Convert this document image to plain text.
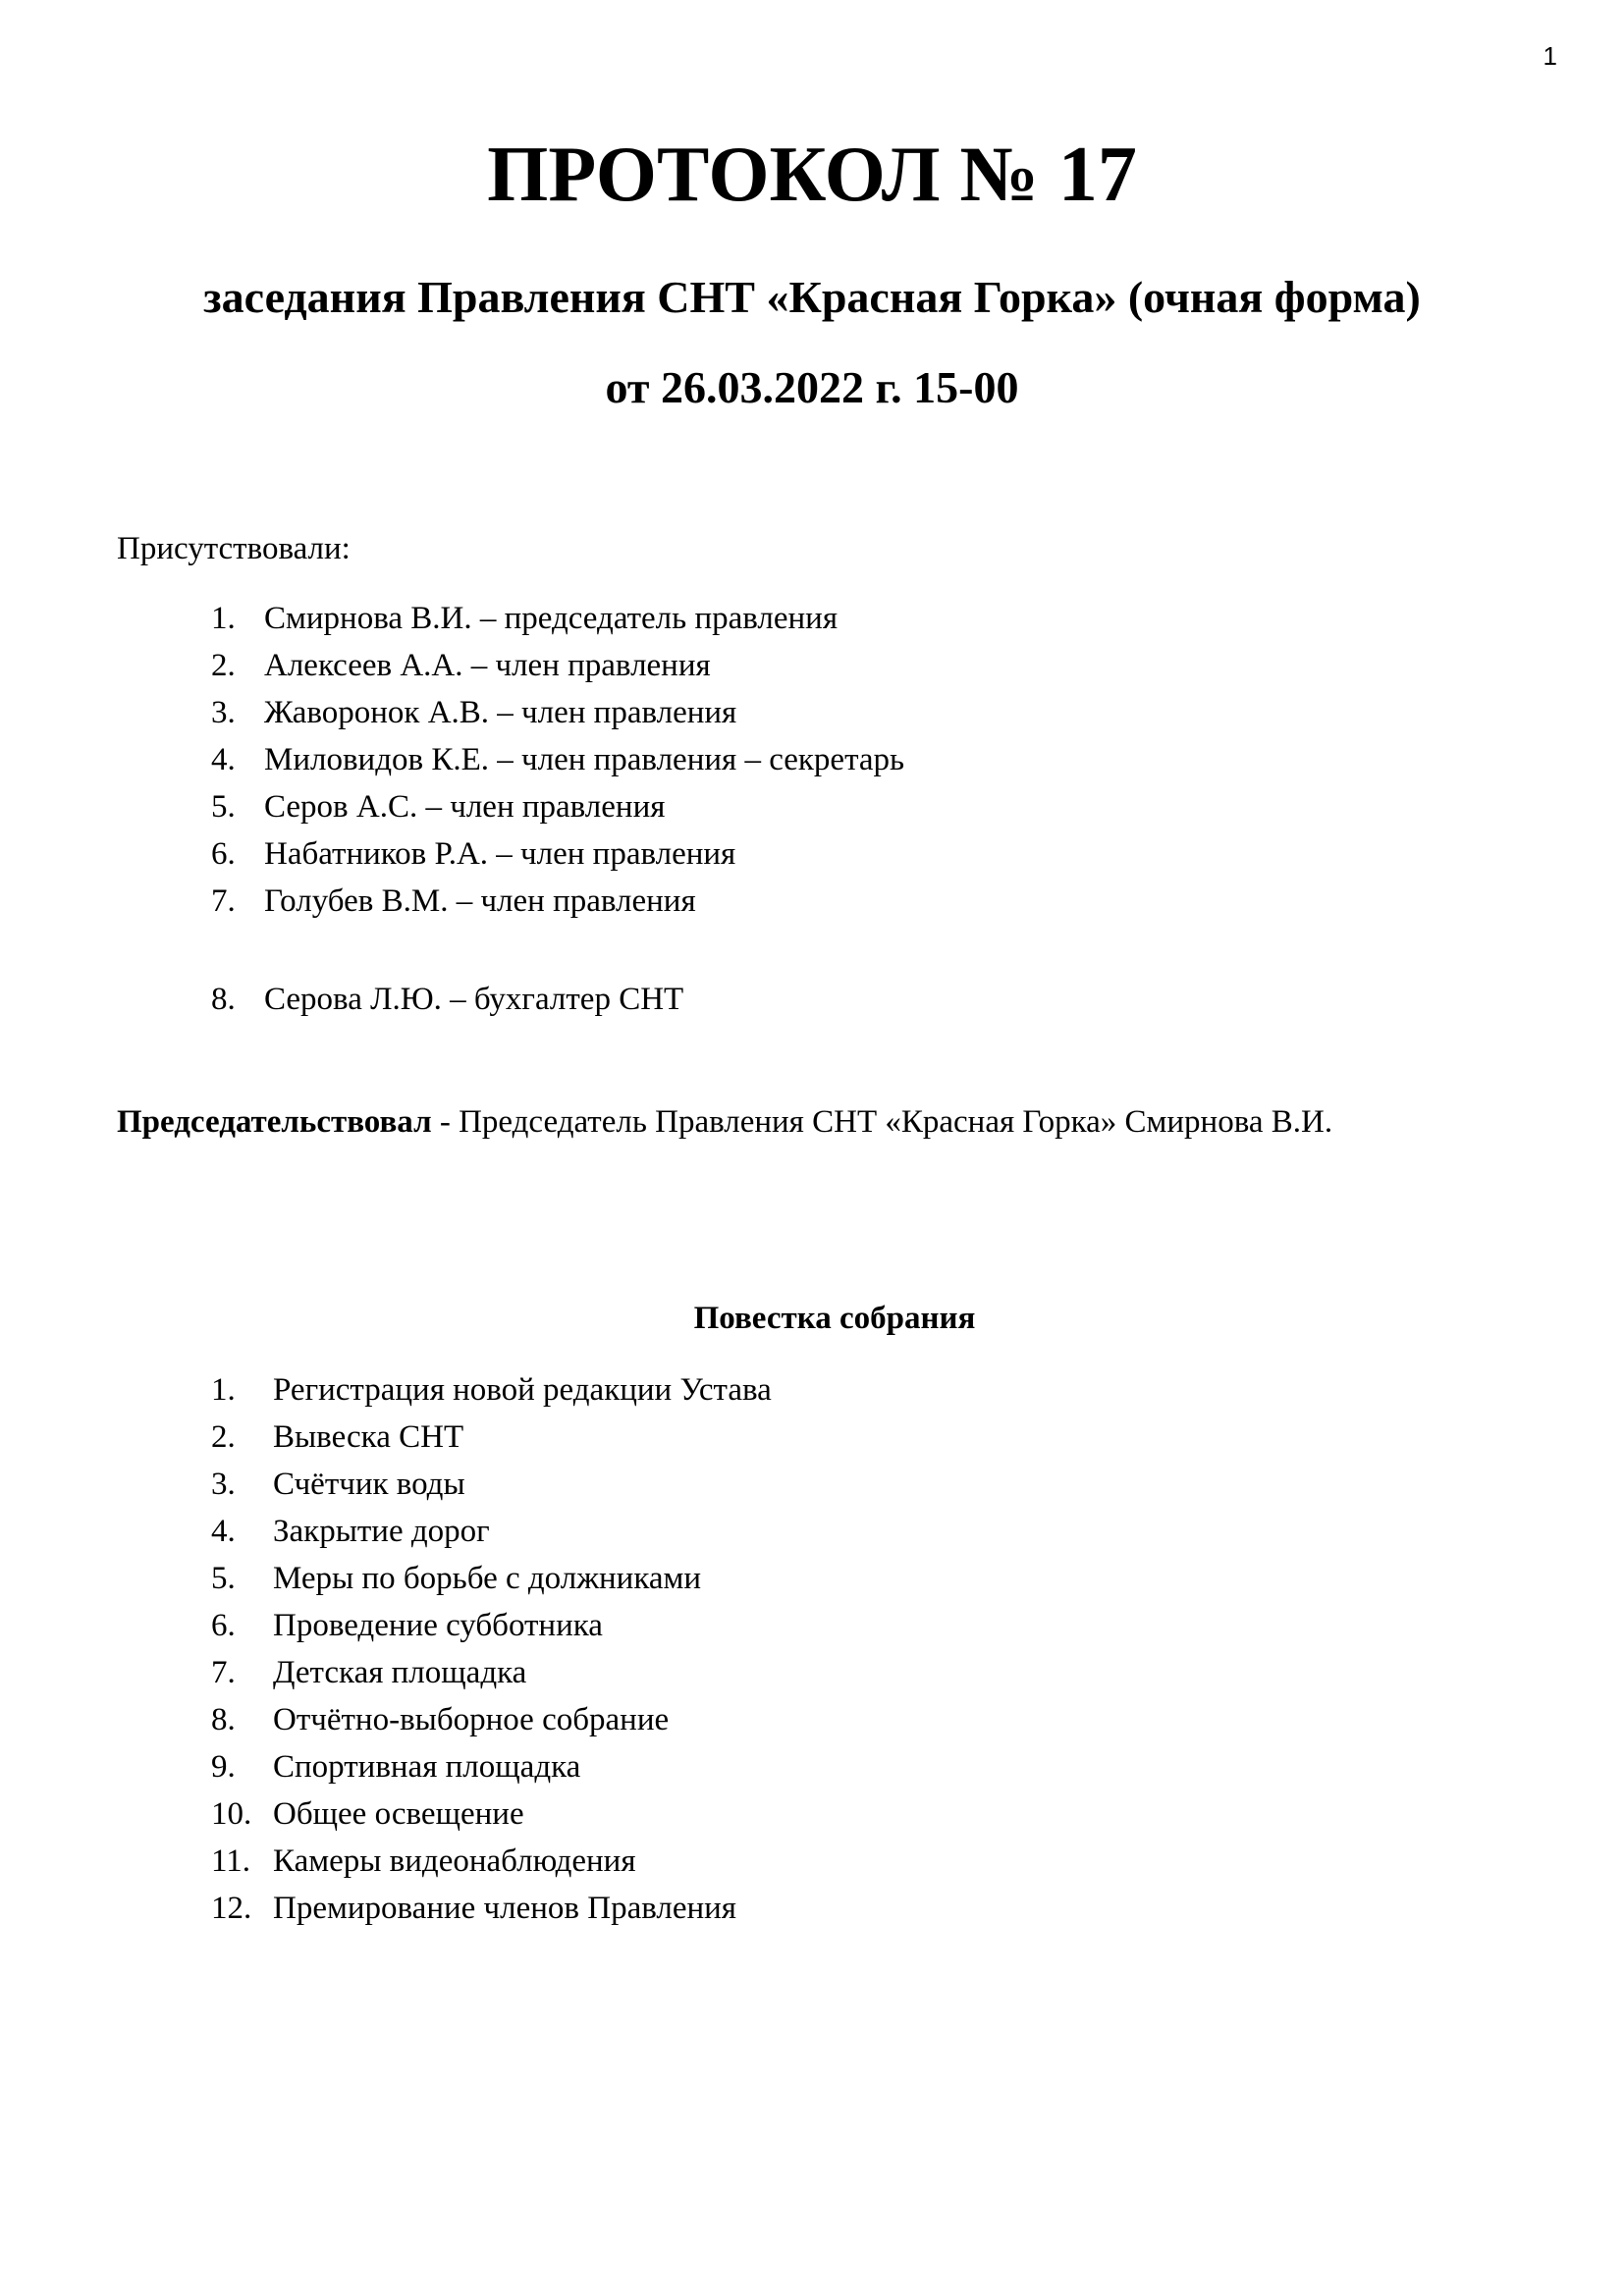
1
ПРОТОКОЛ № 17
заседания Правления СНТ «Красная Горка» (очная форма)
от 26.03.2022 г. 15-00

Присутствовали:

1. Смирнова В.И. – председатель правления
2. Алексеев А.А. – член правления
3. Жаворонок А.В. – член правления
4. Миловидов К.Е. – член правления – секретарь
5. Серов А.С. – член правления
6. Набатников Р.А. – член правления
7. Голубев В.М. – член правления
8. Серова Л.Ю. – бухгалтер СНТ

Председательствовал - Председатель Правления СНТ «Красная Горка» Смирнова В.И.

Повестка собрания

1.	Регистрация новой редакции Устава
2.	Вывеска СНТ
3.	Счётчик воды
4.	Закрытие дорог
5.	Меры по борьбе с должниками
6.	Проведение субботника
7.	Детская площадка
8.	Отчётно-выборное собрание
9.	Спортивная площадка
10. Общее освещение
11. Камеры видеонаблюдения
12. Премирование членов Правления
